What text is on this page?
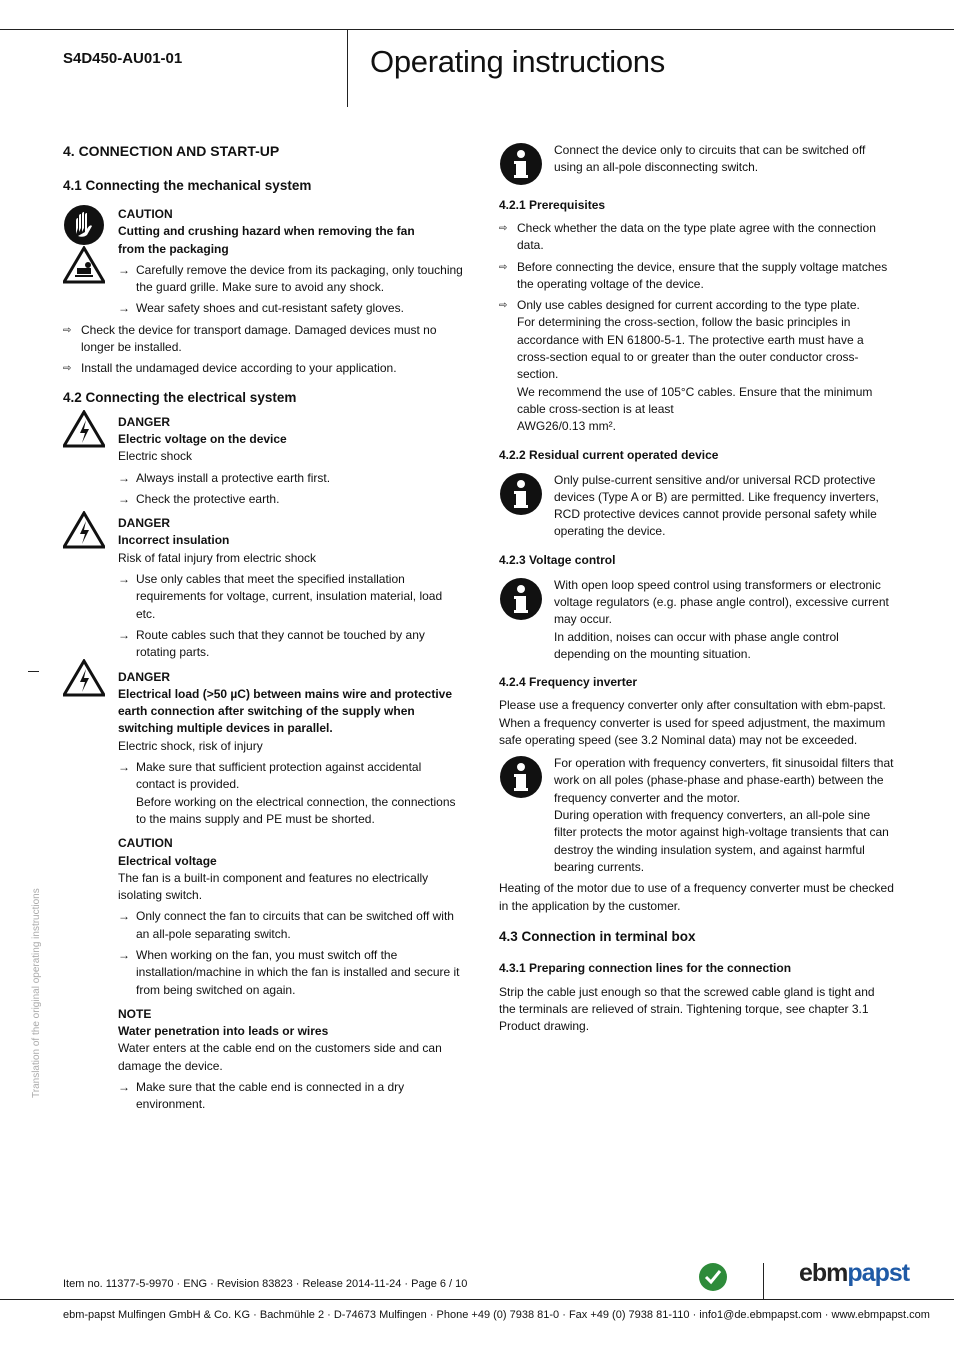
S4D450-AU01-01	Operating instructions
Translation of the original operating instructions
4. CONNECTION AND START-UP
4.1 Connecting the mechanical system
CAUTION
Cutting and crushing hazard when removing the fan
from the packaging
→ Carefully remove the device from its packaging, only touching the guard grille. Make sure to avoid any shock.
→ Wear safety shoes and cut-resistant safety gloves.
⇨ Check the device for transport damage. Damaged devices must no longer be installed.
⇨ Install the undamaged device according to your application.
4.2 Connecting the electrical system
DANGER
Electric voltage on the device
Electric shock
→ Always install a protective earth first.
→ Check the protective earth.
DANGER
Incorrect insulation
Risk of fatal injury from electric shock
→ Use only cables that meet the specified installation requirements for voltage, current, insulation material, load etc.
→ Route cables such that they cannot be touched by any rotating parts.
DANGER
Electrical load (>50 µC) between mains wire and protective earth connection after switching of the supply when switching multiple devices in parallel.
Electric shock, risk of injury
→ Make sure that sufficient protection against accidental contact is provided.
Before working on the electrical connection, the connections to the mains supply and PE must be shorted.
CAUTION
Electrical voltage
The fan is a built-in component and features no electrically isolating switch.
→ Only connect the fan to circuits that can be switched off with an all-pole separating switch.
→ When working on the fan, you must switch off the installation/machine in which the fan is installed and secure it from being switched on again.
NOTE
Water penetration into leads or wires
Water enters at the cable end on the customers side and can damage the device.
→ Make sure that the cable end is connected in a dry environment.
Connect the device only to circuits that can be switched off using an all-pole disconnecting switch.
4.2.1 Prerequisites
⇨ Check whether the data on the type plate agree with the connection data.
⇨ Before connecting the device, ensure that the supply voltage matches the operating voltage of the device.
⇨ Only use cables designed for current according to the type plate.
For determining the cross-section, follow the basic principles in accordance with EN 61800-5-1. The protective earth must have a cross-section equal to or greater than the outer conductor cross-section.
We recommend the use of 105°C cables. Ensure that the minimum cable cross-section is at least
AWG26/0.13 mm².
4.2.2 Residual current operated device
Only pulse-current sensitive and/or universal RCD protective devices (Type A or B) are permitted. Like frequency inverters, RCD protective devices cannot provide personal safety while operating the device.
4.2.3 Voltage control
With open loop speed control using transformers or electronic voltage regulators (e.g. phase angle control), excessive current may occur.
In addition, noises can occur with phase angle control depending on the mounting situation.
4.2.4 Frequency inverter
Please use a frequency converter only after consultation with ebm-papst. When a frequency converter is used for speed adjustment, the maximum safe operating speed (see 3.2 Nominal data) may not be exceeded.
For operation with frequency converters, fit sinusoidal filters that work on all poles (phase-phase and phase-earth) between the frequency converter and the motor.
During operation with frequency converters, an all-pole sine filter protects the motor against high-voltage transients that can destroy the winding insulation system, and against harmful bearing currents.
Heating of the motor due to use of a frequency converter must be checked in the application by the customer.
4.3 Connection in terminal box
4.3.1 Preparing connection lines for the connection
Strip the cable just enough so that the screwed cable gland is tight and the terminals are relieved of strain. Tightening torque, see chapter 3.1 Product drawing.
Item no. 11377-5-9970 · ENG · Revision 83823 · Release 2014-11-24 · Page 6 / 10	ebmpapst
ebm-papst Mulfingen GmbH & Co. KG · Bachmühle 2 · D-74673 Mulfingen · Phone +49 (0) 7938 81-0 · Fax +49 (0) 7938 81-110 · info1@de.ebmpapst.com · www.ebmpapst.com
